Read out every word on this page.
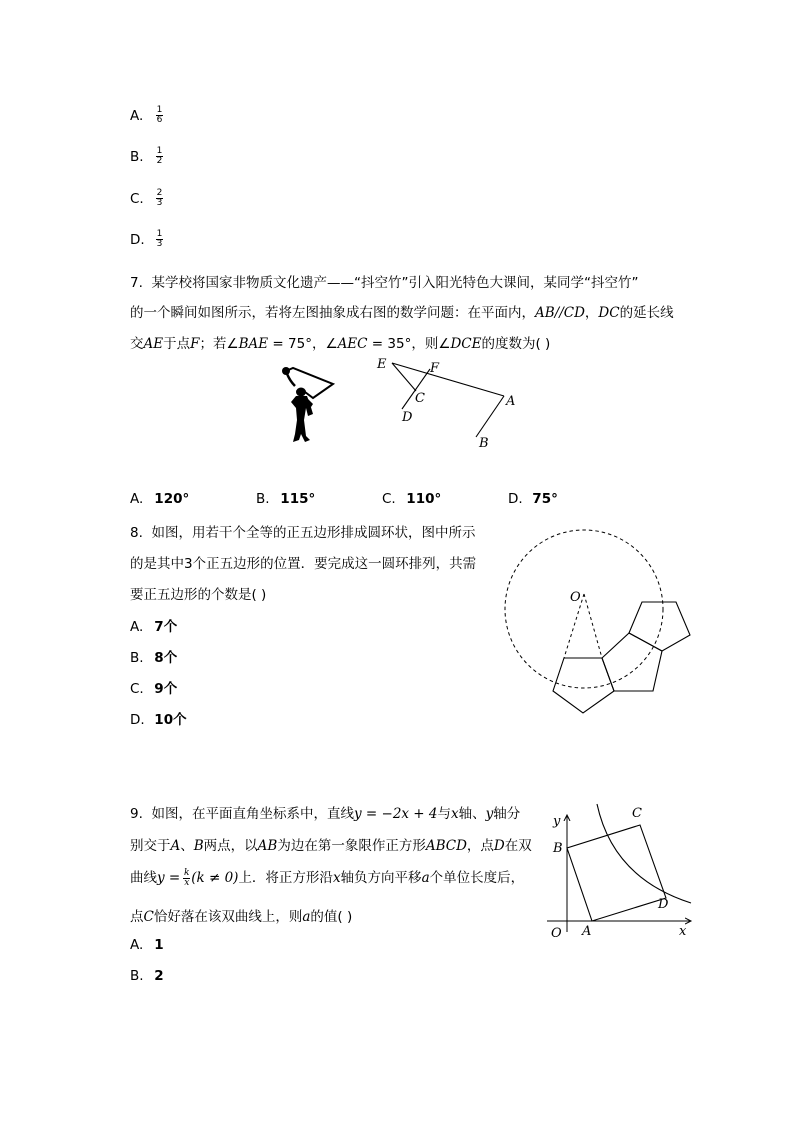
A. $\frac{1}{6}$
B. $\frac{1}{2}$
C. $\frac{2}{3}$
D. $\frac{1}{3}$
7. 某学校将国家非物质文化遗产——“抖空竹”引入阳光特色大课间，某同学“抖空竹”
的一个瞬间如图所示，若将左图抽象成右图的数学问题：在平面内，AB//CD，DC的延长线
交AE于点F；若∠BAE = 75°，∠AEC = 35°，则∠DCE的度数为( )
E	F
C
D
A
B
A. 120°	B. 115°	C. 110°	D. 75°
8. 如图，用若干个全等的正五边形排成圆环状，图中所示
的是其中3个正五边形的位置．要完成这一圆环排列，共需
要正五边形的个数是( )
A. 7个
B. 8个
C. 9个
D. 10个
O
9. 如图，在平面直角坐标系中，直线y = −2x + 4与x轴、y轴分
别交于A、B两点，以AB为边在第一象限作正方形ABCD，点D在双
曲线$y = \frac{k}{x} (k \ne 0)$上．将正方形沿x轴负方向平移a个单位长度后，
点C恰好落在该双曲线上，则a的值( )
A. 1
B. 2
y
C
B
D
O A	x
